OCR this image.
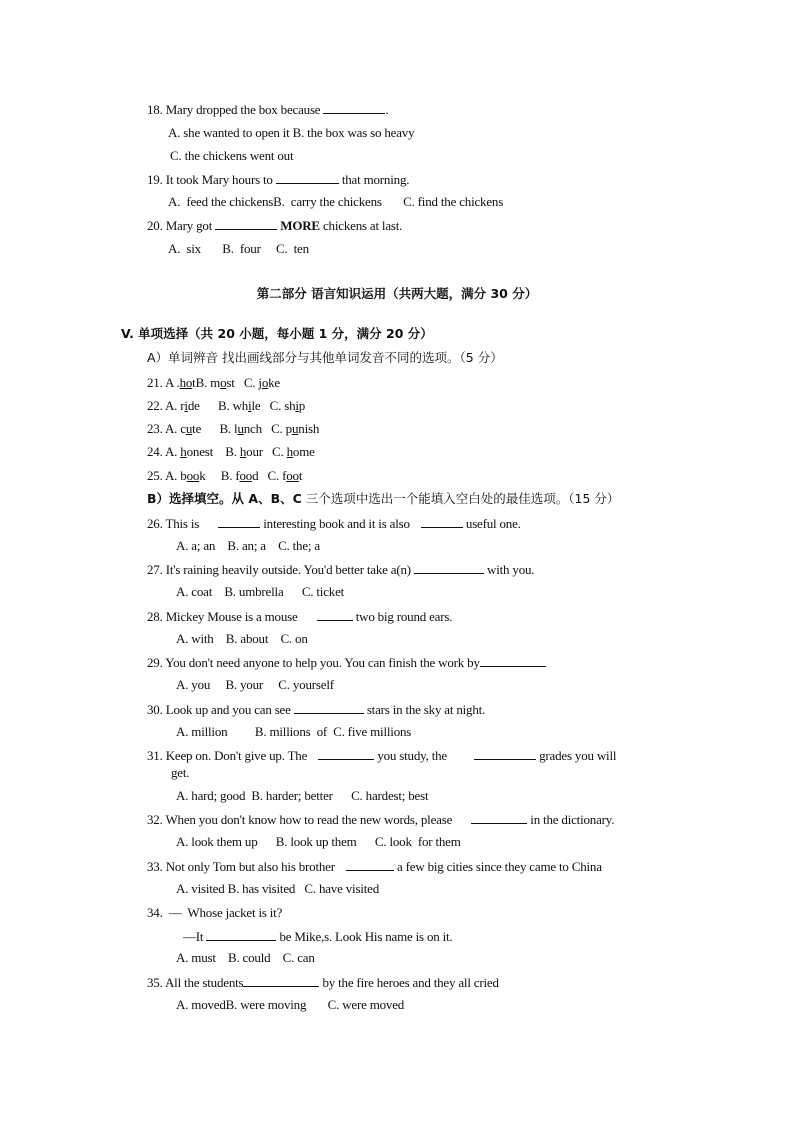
18. Mary dropped the box because	.
A. she wanted to open it B. the box was so heavy
C. the chickens went out
19. It took Mary hours to	that morning.
A.  feed the chickensB.  carry the chickens       C. find the chickens
20. Mary got	MORE chickens at last.
A.  six       B.  four     C.  ten
第二部分 语言知识运用（共两大题，满分 30 分）
V. 单项选择（共 20 小题，每小题 1 分，满分 20 分）
A）单词辨音 找出画线部分与其他单词发音不同的选项。（5 分）
21. A .hotB. most C. joke
22. A. ride B. while C. ship
23. A. cute B. lunch C. punish
24. A. honest B. hour C. home
25. A. book B. food C. foot
B）选择填空。从 A、B、C 三个选项中选出一个能填入空白处的最佳选项。（15 分）
26. This is	interesting book and it is also	useful one.
A. a; an    B. an; a    C. the; a
27. It's raining heavily outside. You'd better take a(n)	with you.
A. coat    B. umbrella      C. ticket
28. Mickey Mouse is a mouse	two big round ears.
A. with    B. about    C. on
29. You don't need anyone to help you. You can finish the work by
A. you     B. your     C. yourself
30. Look up and you can see	stars in the sky at night.
A. million         B. millions  of  C. five millions
31. Keep on. Don't give up. The	you study, the	grades you will
get.
A. hard; good  B. harder; better      C. hardest; best
32. When you don't know how to read the new words, please	in the dictionary.
A. look them up      B. look up them      C. look  for them
33. Not only Tom but also his brother	a few big cities since they came to China
A. visited B. has visited   C. have visited
34.  —  Whose jacket is it?
—It	be Mike,s. Look His name is on it.
A. must    B. could    C. can
35. All the students	by the fire heroes and they all cried
A. movedB. were moving       C. were moved
